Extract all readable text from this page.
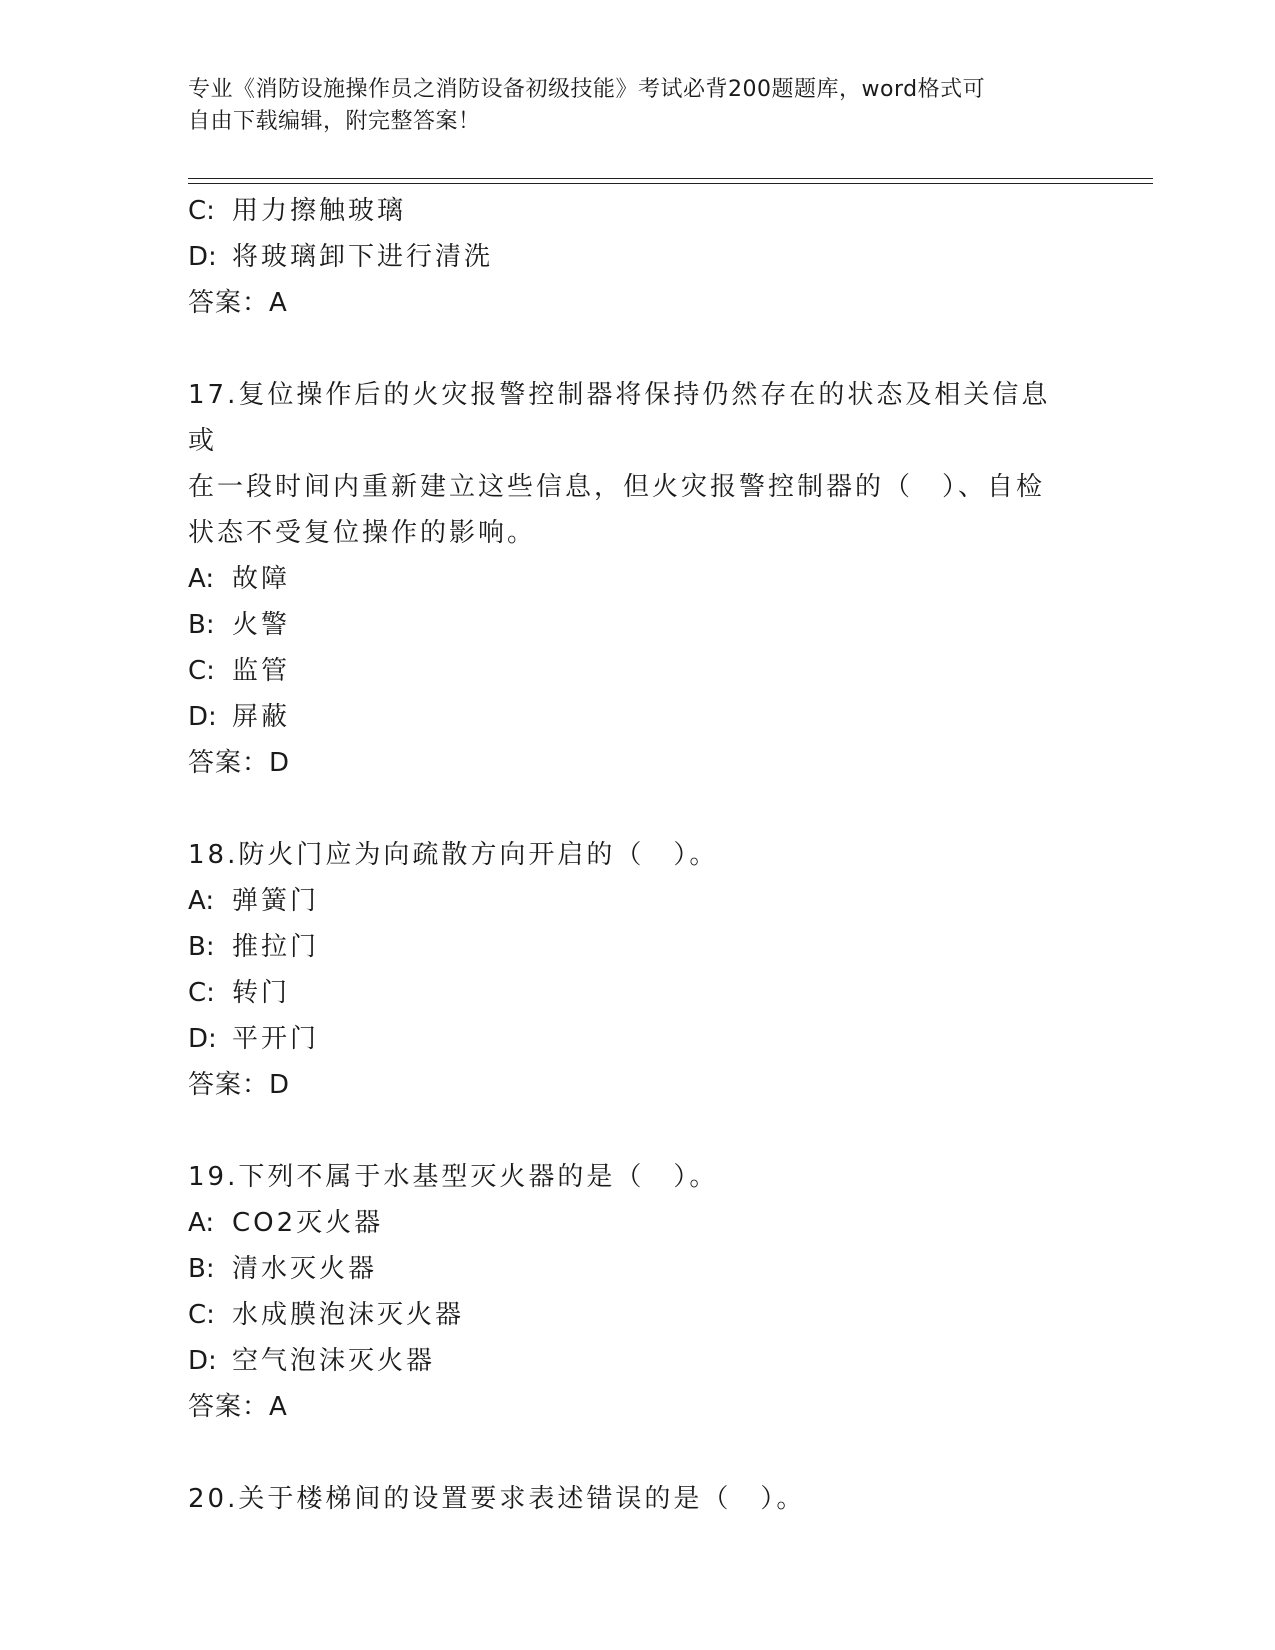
专业《消防设施操作员之消防设备初级技能》考试必背200题题库，word格式可
自由下载编辑，附完整答案！
C: 用力擦触玻璃
D: 将玻璃卸下进行清洗
答案：A
17.复位操作后的火灾报警控制器将保持仍然存在的状态及相关信息或
在一段时间内重新建立这些信息，但火灾报警控制器的（　）、自检
状态不受复位操作的影响。
A: 故障
B: 火警
C: 监管
D: 屏蔽
答案：D
18.防火门应为向疏散方向开启的（　）。
A: 弹簧门
B: 推拉门
C: 转门
D: 平开门
答案：D
19.下列不属于水基型灭火器的是（　）。
A: CO2灭火器
B: 清水灭火器
C: 水成膜泡沫灭火器
D: 空气泡沫灭火器
答案：A
20.关于楼梯间的设置要求表述错误的是（　）。
